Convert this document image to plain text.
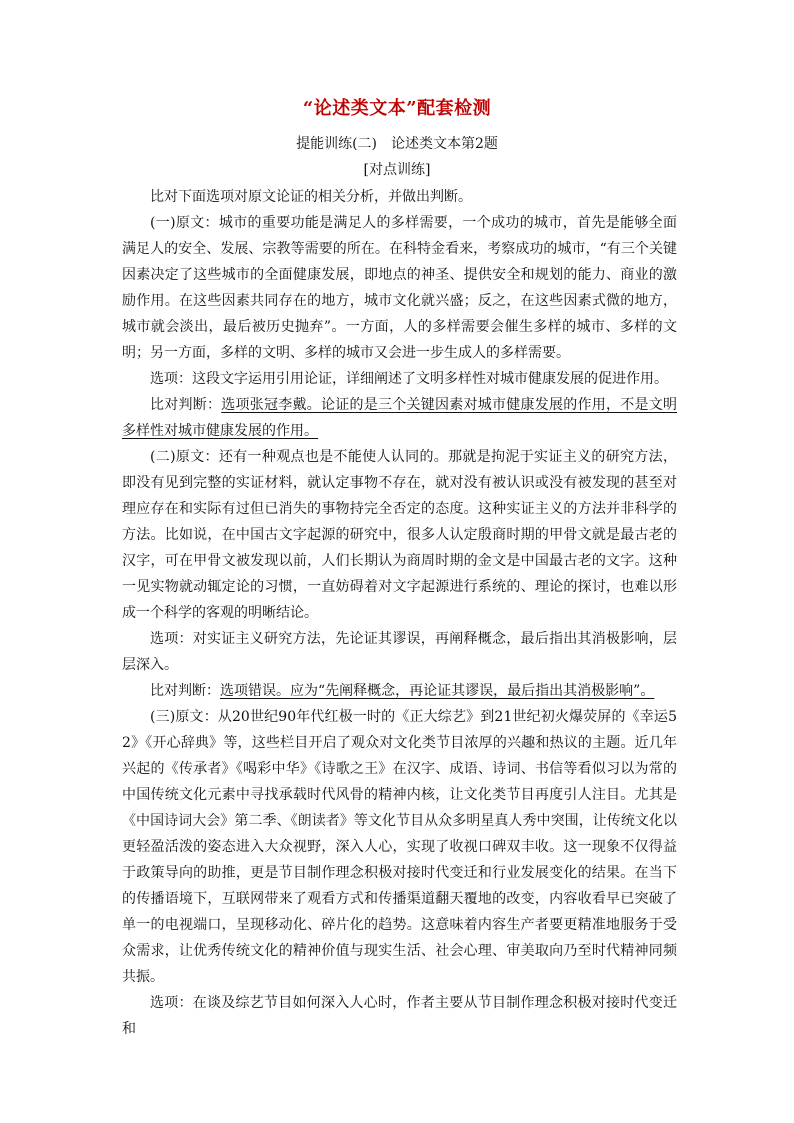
“论述类文本”配套检测
提能训练(二)　论述类文本第2题
[对点训练]

比对下面选项对原文论证的相关分析，并做出判断。

(一)原文：城市的重要功能是满足人的多样需要，一个成功的城市，首先是能够全面满足人的安全、发展、宗教等需要的所在。在科特金看来，考察成功的城市，“有三个关键因素决定了这些城市的全面健康发展，即地点的神圣、提供安全和规划的能力、商业的激励作用。在这些因素共同存在的地方，城市文化就兴盛；反之，在这些因素式微的地方，城市就会淡出，最后被历史抛弃”。一方面，人的多样需要会催生多样的城市、多样的文明；另一方面，多样的文明、多样的城市又会进一步生成人的多样需要。

选项：这段文字运用引用论证，详细阐述了文明多样性对城市健康发展的促进作用。

比对判断：选项张冠李戴。论证的是三个关键因素对城市健康发展的作用，不是文明多样性对城市健康发展的作用。

(二)原文：还有一种观点也是不能使人认同的。那就是拘泥于实证主义的研究方法，即没有见到完整的实证材料，就认定事物不存在，就对没有被认识或没有被发现的甚至对理应存在和实际有过但已消失的事物持完全否定的态度。这种实证主义的方法并非科学的方法。比如说，在中国古文字起源的研究中，很多人认定殷商时期的甲骨文就是最古老的汉字，可在甲骨文被发现以前，人们长期认为商周时期的金文是中国最古老的文字。这种一见实物就动辄定论的习惯，一直妨碍着对文字起源进行系统的、理论的探讨，也难以形成一个科学的客观的明晰结论。

选项：对实证主义研究方法，先论证其谬误，再阐释概念，最后指出其消极影响，层层深入。

比对判断：选项错误。应为“先阐释概念，再论证其谬误，最后指出其消极影响”。

(三)原文：从20世纪90年代红极一时的《正大综艺》到21世纪初火爆荧屏的《幸运52》《开心辞典》等，这些栏目开启了观众对文化类节目浓厚的兴趣和热议的主题。近几年兴起的《传承者》《喝彩中华》《诗歌之王》在汉字、成语、诗词、书信等看似习以为常的中国传统文化元素中寻找承载时代风骨的精神内核，让文化类节目再度引人注目。尤其是《中国诗词大会》第二季、《朗读者》等文化节目从众多明星真人秀中突围，让传统文化以更轻盈活泼的姿态进入大众视野，深入人心，实现了收视口碑双丰收。这一现象不仅得益于政策导向的助推，更是节目制作理念积极对接时代变迁和行业发展变化的结果。在当下的传播语境下，互联网带来了观看方式和传播渠道翻天覆地的改变，内容收看早已突破了单一的电视端口，呈现移动化、碎片化的趋势。这意味着内容生产者要更精准地服务于受众需求，让优秀传统文化的精神价值与现实生活、社会心理、审美取向乃至时代精神同频共振。

选项：在谈及综艺节目如何深入人心时，作者主要从节目制作理念积极对接时代变迁和
